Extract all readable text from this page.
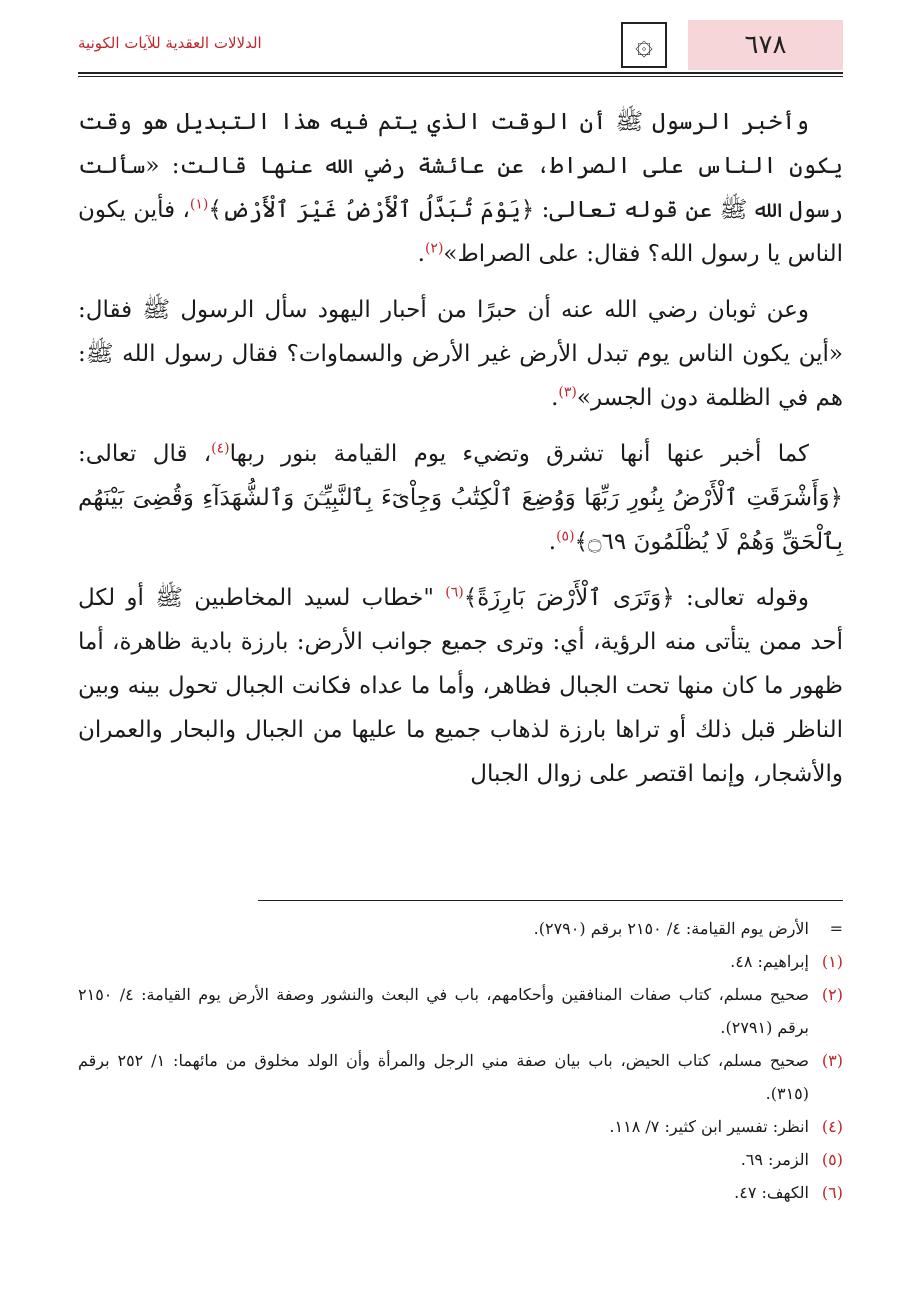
٦٧٨
۞
الدلالات العقدية للآيات الكونية

وأخبر الرسول ﷺ أن الوقت الذي يتم فيه هذا التبديل هو وقت يكون الناس على الصراط، عن عائشة رضي الله عنها قالت: «سألت رسول الله ﷺ عن قوله تعالى: ﴿يَوْمَ تُبَدَّلُ ٱلْأَرْضُ غَيْرَ ٱلْأَرْضِ﴾$^{(١)}$، فأين يكون الناس يا رسول الله؟ فقال: على الصراط»$^{(٢)}$.

وعن ثوبان رضي الله عنه أن حبرًا من أحبار اليهود سأل الرسول ﷺ فقال: «أين يكون الناس يوم تبدل الأرض غير الأرض والسماوات؟ فقال رسول الله ﷺ: هم في الظلمة دون الجسر»$^{(٣)}$.

كما أخبر عنها أنها تشرق وتضيء يوم القيامة بنور ربها$^{(٤)}$، قال تعالى: ﴿وَأَشْرَقَتِ ٱلْأَرْضُ بِنُورِ رَبِّهَا وَوُضِعَ ٱلْكِتَٰبُ وَجِاْىٓءَ بِٱلنَّبِيِّـۧنَ وَٱلشُّهَدَآءِ وَقُضِىَ بَيْنَهُم بِٱلْحَقِّ وَهُمْ لَا يُظْلَمُونَ ۝٦٩﴾$^{(٥)}$.

وقوله تعالى: ﴿وَتَرَى ٱلْأَرْضَ بَارِزَةً﴾$^{(٦)}$ "خطاب لسيد المخاطبين ﷺ أو لكل أحد ممن يتأتى منه الرؤية، أي: وترى جميع جوانب الأرض: بارزة بادية ظاهرة، أما ظهور ما كان منها تحت الجبال فظاهر، وأما ما عداه فكانت الجبال تحول بينه وبين الناظر قبل ذلك أو تراها بارزة لذهاب جميع ما عليها من الجبال والبحار والعمران والأشجار، وإنما اقتصر على زوال الجبال

=
الأرض يوم القيامة: ٤/ ٢١٥٠ برقم (٢٧٩٠).
(١)
إبراهيم: ٤٨.
(٢)
صحيح مسلم، كتاب صفات المنافقين وأحكامهم، باب في البعث والنشور وصفة الأرض يوم القيامة: ٤/ ٢١٥٠ برقم (٢٧٩١).
(٣)
صحيح مسلم، كتاب الحيض، باب بيان صفة مني الرجل والمرأة وأن الولد مخلوق من مائهما: ١/ ٢٥٢ برقم (٣١٥).
(٤)
انظر: تفسير ابن كثير: ٧/ ١١٨.
(٥)
الزمر: ٦٩.
(٦)
الكهف: ٤٧.
